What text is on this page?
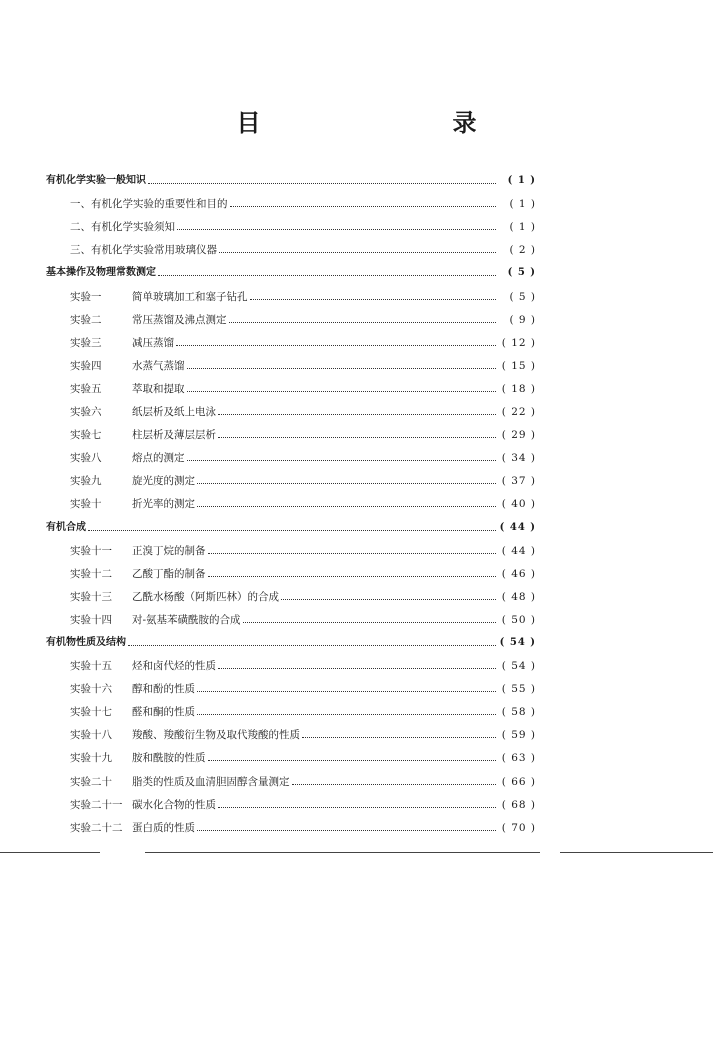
目　　录
有机化学实验一般知识	( 1 )
一、有机化学实验的重要性和目的	( 1 )
二、有机化学实验须知	( 1 )
三、有机化学实验常用玻璃仪器	( 2 )
基本操作及物理常数测定	( 5 )
实验一	简单玻璃加工和塞子钻孔	( 5 )
实验二	常压蒸馏及沸点测定	( 9 )
实验三	减压蒸馏	( 12 )
实验四	水蒸气蒸馏	( 15 )
实验五	萃取和提取	( 18 )
实验六	纸层析及纸上电泳	( 22 )
实验七	柱层析及薄层层析	( 29 )
实验八	熔点的测定	( 34 )
实验九	旋光度的测定	( 37 )
实验十	折光率的测定	( 40 )
有机合成	( 44 )
实验十一	正溴丁烷的制备	( 44 )
实验十二	乙酸丁酯的制备	( 46 )
实验十三	乙酰水杨酸（阿斯匹林）的合成	( 48 )
实验十四	对-氨基苯磺酰胺的合成	( 50 )
有机物性质及结构	( 54 )
实验十五	烃和卤代烃的性质	( 54 )
实验十六	醇和酚的性质	( 55 )
实验十七	醛和酮的性质	( 58 )
实验十八	羧酸、羧酸衍生物及取代羧酸的性质	( 59 )
实验十九	胺和酰胺的性质	( 63 )
实验二十	脂类的性质及血清胆固醇含量测定	( 66 )
实验二十一 碳水化合物的性质	( 68 )
实验二十二 蛋白质的性质	( 70 )
